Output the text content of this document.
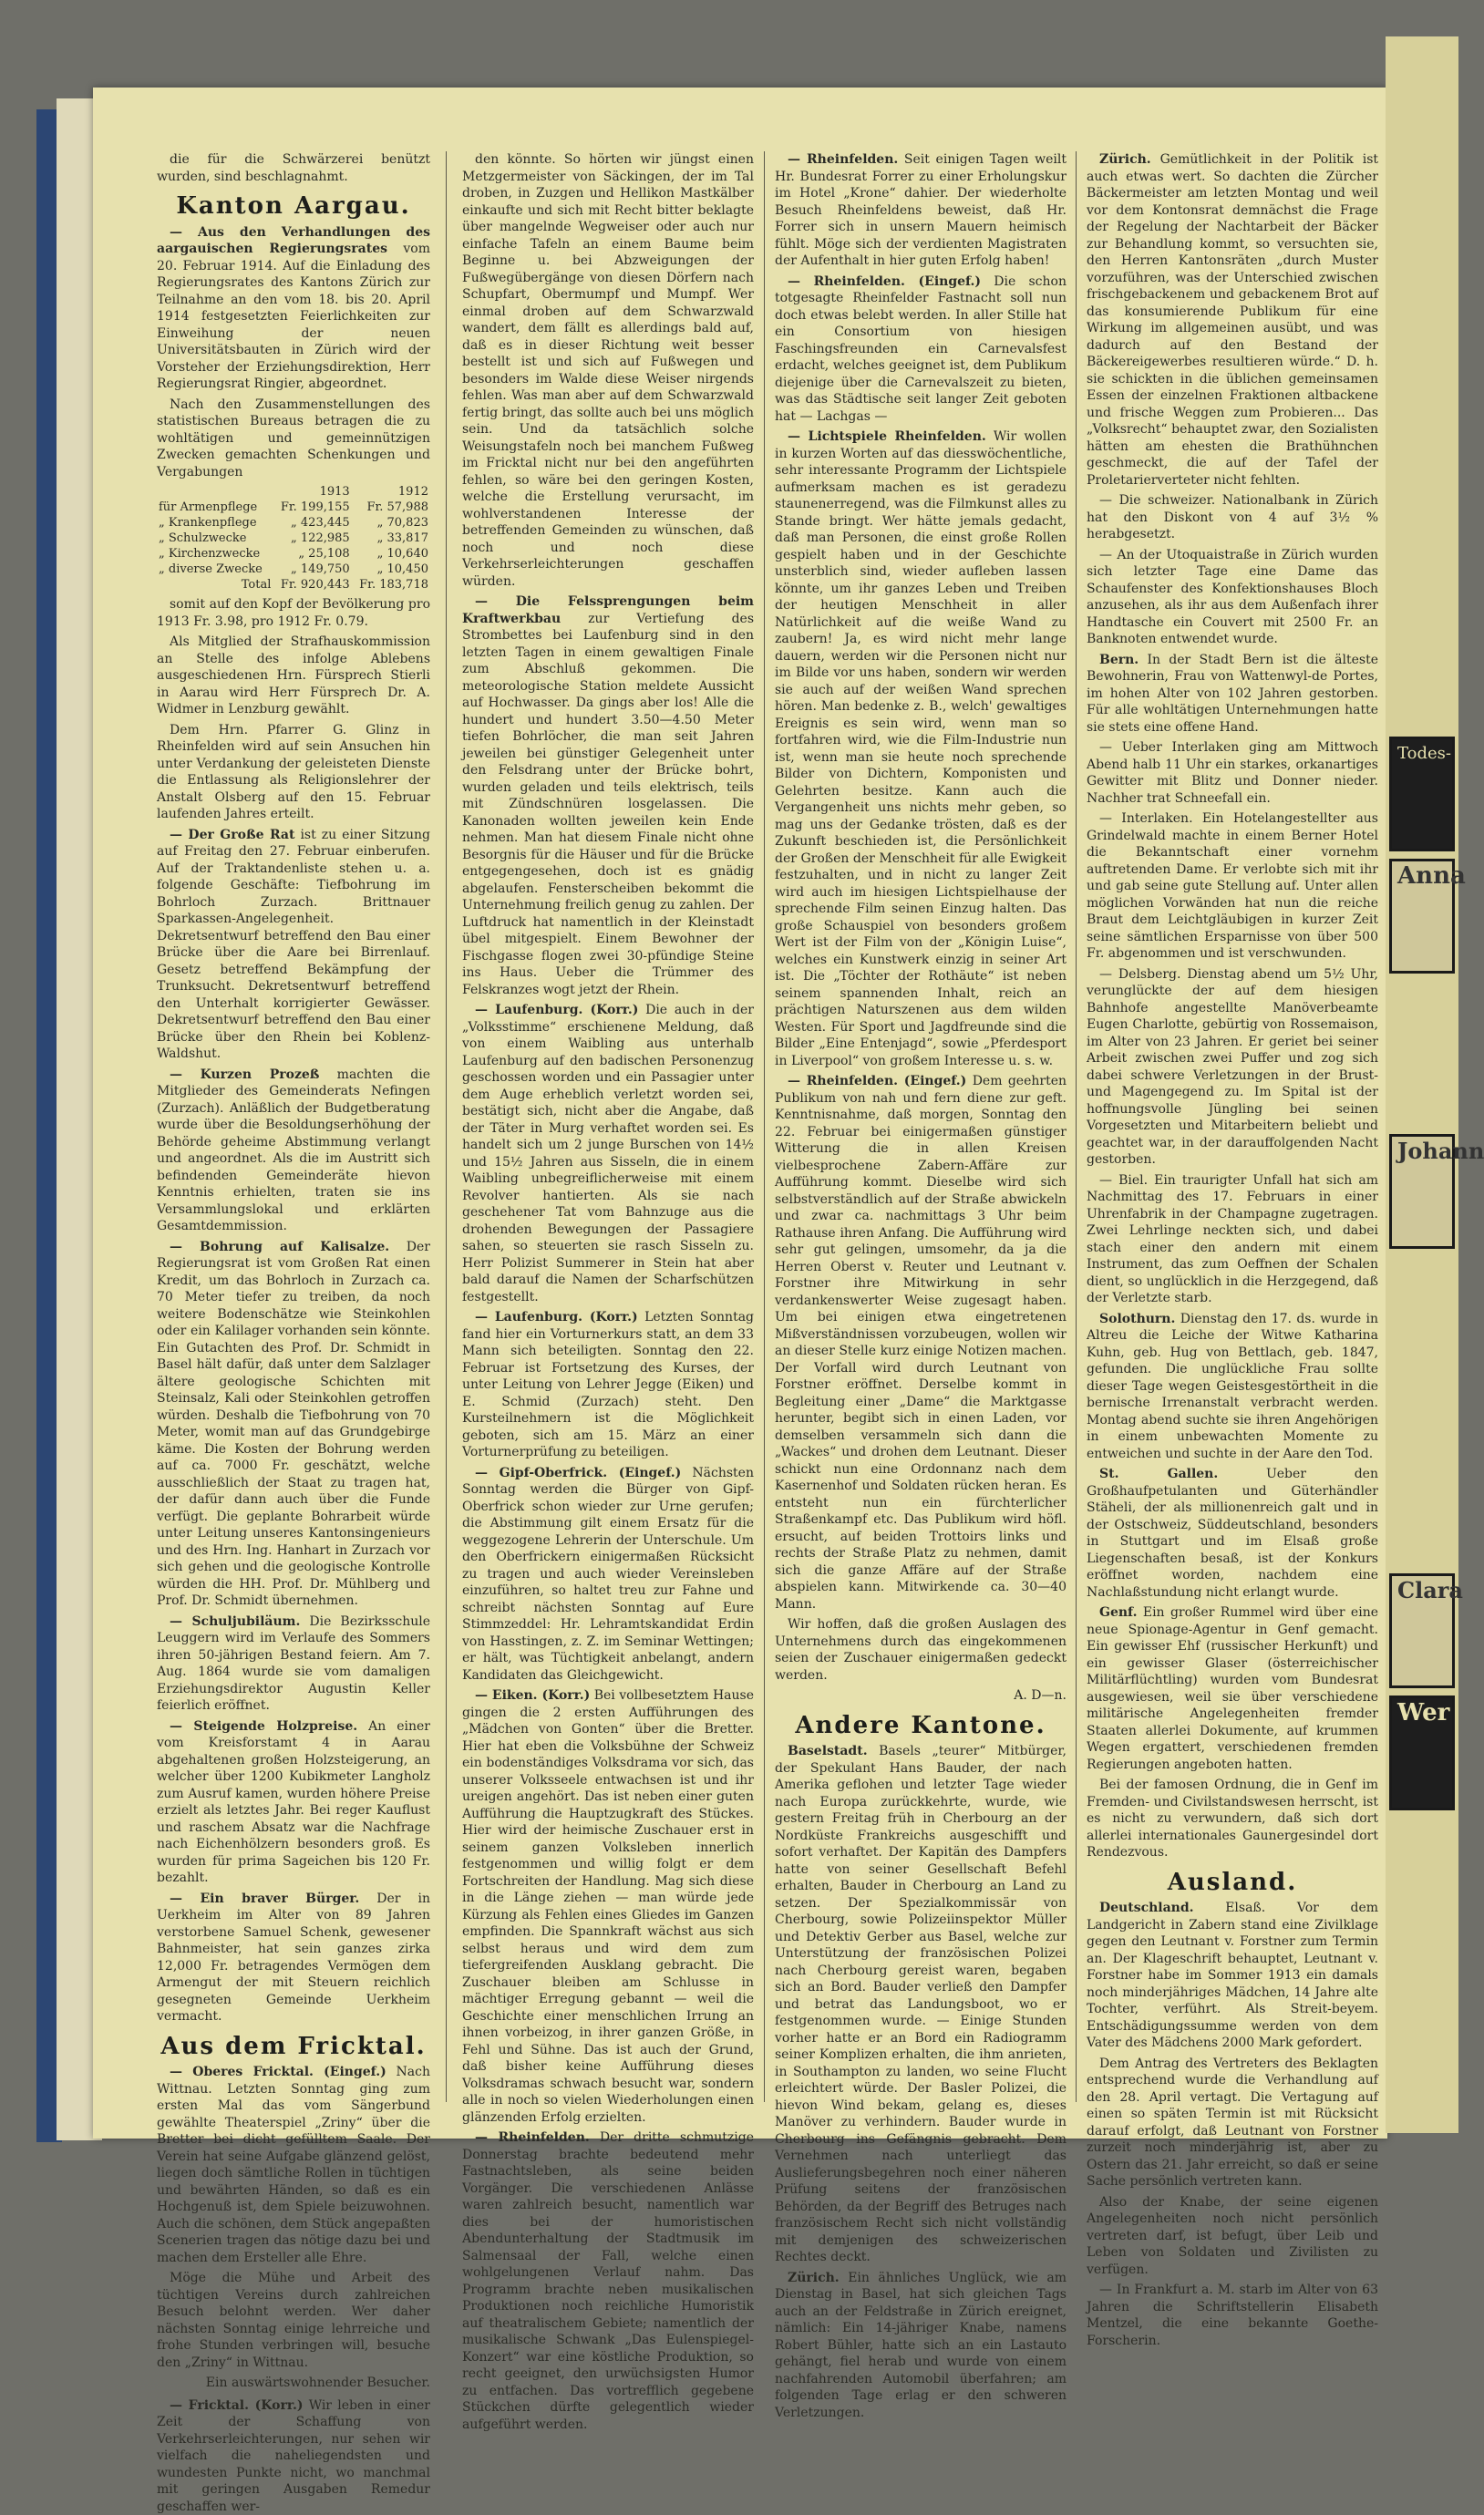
die für die Schwärzerei benützt wurden, sind beschlagnahmt.

Kanton Aargau.

— Aus den Verhandlungen des aargauischen Regierungsrates vom 20. Februar 1914. Auf die Einladung des Regierungsrates des Kantons Zürich zur Teilnahme an den vom 18. bis 20. April 1914 festgesetzten Feierlichkeiten zur Einweihung der neuen Universitätsbauten in Zürich wird der Vorsteher der Erziehungsdirektion, Herr Regierungsrat Ringier, abgeordnet.

Nach den Zusammenstellungen des statistischen Bureaus betragen die zu wohltätigen und gemeinnützigen Zwecken gemachten Schenkungen und Vergabungen

	1913	1912
für Armenpflege	Fr. 199,155	Fr. 57,988
„ Krankenpflege	„ 423,445	„ 70,823
„ Schulzwecke	„ 122,985	„ 33,817
„ Kirchenzwecke	„ 25,108	„ 10,640
„ diverse Zwecke	„ 149,750	„ 10,450
Total	Fr. 920,443	Fr. 183,718

somit auf den Kopf der Bevölkerung pro 1913 Fr. 3.98, pro 1912 Fr. 0.79.

Als Mitglied der Strafhauskommission an Stelle des infolge Ablebens ausgeschiedenen Hrn. Fürsprech Stierli in Aarau wird Herr Fürsprech Dr. A. Widmer in Lenzburg gewählt.

Dem Hrn. Pfarrer G. Glinz in Rheinfelden wird auf sein Ansuchen hin unter Verdankung der geleisteten Dienste die Entlassung als Religionslehrer der Anstalt Olsberg auf den 15. Februar laufenden Jahres erteilt.

— Der Große Rat ist zu einer Sitzung auf Freitag den 27. Februar einberufen. Auf der Traktandenliste stehen u. a. folgende Geschäfte: Tiefbohrung im Bohrloch Zurzach. Brittnauer Sparkassen-Angelegenheit. Dekretsentwurf betreffend den Bau einer Brücke über die Aare bei Birrenlauf. Gesetz betreffend Bekämpfung der Trunksucht. Dekretsentwurf betreffend den Unterhalt korrigierter Gewässer. Dekretsentwurf betreffend den Bau einer Brücke über den Rhein bei Koblenz-Waldshut.

— Kurzen Prozeß machten die Mitglieder des Gemeinderats Nefingen (Zurzach). Anläßlich der Budgetberatung wurde über die Besoldungserhöhung der Behörde geheime Abstimmung verlangt und angeordnet. Als die im Austritt sich befindenden Gemeinderäte hievon Kenntnis erhielten, traten sie ins Versammlungslokal und erklärten Gesamtdemmission.

— Bohrung auf Kalisalze. Der Regierungsrat ist vom Großen Rat einen Kredit, um das Bohrloch in Zurzach ca. 70 Meter tiefer zu treiben, da noch weitere Bodenschätze wie Steinkohlen oder ein Kalilager vorhanden sein könnte. Ein Gutachten des Prof. Dr. Schmidt in Basel hält dafür, daß unter dem Salzlager ältere geologische Schichten mit Steinsalz, Kali oder Steinkohlen getroffen würden. Deshalb die Tiefbohrung von 70 Meter, womit man auf das Grundgebirge käme. Die Kosten der Bohrung werden auf ca. 7000 Fr. geschätzt, welche ausschließlich der Staat zu tragen hat, der dafür dann auch über die Funde verfügt. Die geplante Bohrarbeit würde unter Leitung unseres Kantonsingenieurs und des Hrn. Ing. Hanhart in Zurzach vor sich gehen und die geologische Kontrolle würden die HH. Prof. Dr. Mühlberg und Prof. Dr. Schmidt übernehmen.

— Schuljubiläum. Die Bezirksschule Leuggern wird im Verlaufe des Sommers ihren 50-jährigen Bestand feiern. Am 7. Aug. 1864 wurde sie vom damaligen Erziehungsdirektor Augustin Keller feierlich eröffnet.

— Steigende Holzpreise. An einer vom Kreisforstamt 4 in Aarau abgehaltenen großen Holzsteigerung, an welcher über 1200 Kubikmeter Langholz zum Ausruf kamen, wurden höhere Preise erzielt als letztes Jahr. Bei reger Kauflust und raschem Absatz war die Nachfrage nach Eichenhölzern besonders groß. Es wurden für prima Sageichen bis 120 Fr. bezahlt.

— Ein braver Bürger. Der in Uerkheim im Alter von 89 Jahren verstorbene Samuel Schenk, gewesener Bahnmeister, hat sein ganzes zirka 12,000 Fr. betragendes Vermögen dem Armengut der mit Steuern reichlich gesegneten Gemeinde Uerkheim vermacht.

Aus dem Fricktal.

— Oberes Fricktal. (Eingef.) Nach Wittnau. Letzten Sonntag ging zum ersten Mal das vom Sängerbund gewählte Theaterspiel „Zriny“ über die Bretter bei dicht gefülltem Saale. Der Verein hat seine Aufgabe glänzend gelöst, liegen doch sämtliche Rollen in tüchtigen und bewährten Händen, so daß es ein Hochgenuß ist, dem Spiele beizuwohnen. Auch die schönen, dem Stück angepaßten Scenerien tragen das nötige dazu bei und machen dem Ersteller alle Ehre.

Möge die Mühe und Arbeit des tüchtigen Vereins durch zahlreichen Besuch belohnt werden. Wer daher nächsten Sonntag einige lehrreiche und frohe Stunden verbringen will, besuche den „Zriny“ in Wittnau.

Ein auswärtswohnender Besucher.

— Fricktal. (Korr.) Wir leben in einer Zeit der Schaffung von Verkehrserleichterungen, nur sehen wir vielfach die naheliegendsten und wundesten Punkte nicht, wo manchmal mit geringen Ausgaben Remedur geschaffen wer-

den könnte. So hörten wir jüngst einen Metzgermeister von Säckingen, der im Tal droben, in Zuzgen und Hellikon Mastkälber einkaufte und sich mit Recht bitter beklagte über mangelnde Wegweiser oder auch nur einfache Tafeln an einem Baume beim Beginne u. bei Abzweigungen der Fußwegübergänge von diesen Dörfern nach Schupfart, Obermumpf und Mumpf. Wer einmal droben auf dem Schwarzwald wandert, dem fällt es allerdings bald auf, daß es in dieser Richtung weit besser bestellt ist und sich auf Fußwegen und besonders im Walde diese Weiser nirgends fehlen. Was man aber auf dem Schwarzwald fertig bringt, das sollte auch bei uns möglich sein. Und da tatsächlich solche Weisungstafeln noch bei manchem Fußweg im Fricktal nicht nur bei den angeführten fehlen, so wäre bei den geringen Kosten, welche die Erstellung verursacht, im wohlverstandenen Interesse der betreffenden Gemeinden zu wünschen, daß noch und noch diese Verkehrserleichterungen geschaffen würden.

— Die Felssprengungen beim Kraftwerkbau zur Vertiefung des Strombettes bei Laufenburg sind in den letzten Tagen in einem gewaltigen Finale zum Abschluß gekommen. Die meteorologische Station meldete Aussicht auf Hochwasser. Da gings aber los! Alle die hundert und hundert 3.50—4.50 Meter tiefen Bohrlöcher, die man seit Jahren jeweilen bei günstiger Gelegenheit unter den Felsdrang unter der Brücke bohrt, wurden geladen und teils elektrisch, teils mit Zündschnüren losgelassen. Die Kanonaden wollten jeweilen kein Ende nehmen. Man hat diesem Finale nicht ohne Besorgnis für die Häuser und für die Brücke entgegengesehen, doch ist es gnädig abgelaufen. Fensterscheiben bekommt die Unternehmung freilich genug zu zahlen. Der Luftdruck hat namentlich in der Kleinstadt übel mitgespielt. Einem Bewohner der Fischgasse flogen zwei 30-pfündige Steine ins Haus. Ueber die Trümmer des Felskranzes wogt jetzt der Rhein.

— Laufenburg. (Korr.) Die auch in der „Volksstimme“ erschienene Meldung, daß von einem Waibling aus unterhalb Laufenburg auf den badischen Personenzug geschossen worden und ein Passagier unter dem Auge erheblich verletzt worden sei, bestätigt sich, nicht aber die Angabe, daß der Täter in Murg verhaftet worden sei. Es handelt sich um 2 junge Burschen von 14½ und 15½ Jahren aus Sisseln, die in einem Waibling unbegreiflicherweise mit einem Revolver hantierten. Als sie nach geschehener Tat vom Bahnzuge aus die drohenden Bewegungen der Passagiere sahen, so steuerten sie rasch Sisseln zu. Herr Polizist Summerer in Stein hat aber bald darauf die Namen der Scharfschützen festgestellt.

— Laufenburg. (Korr.) Letzten Sonntag fand hier ein Vorturnerkurs statt, an dem 33 Mann sich beteiligten. Sonntag den 22. Februar ist Fortsetzung des Kurses, der unter Leitung von Lehrer Jegge (Eiken) und E. Schmid (Zurzach) steht. Den Kursteilnehmern ist die Möglichkeit geboten, sich am 15. März an einer Vorturnerprüfung zu beteiligen.

— Gipf-Oberfrick. (Eingef.) Nächsten Sonntag werden die Bürger von Gipf-Oberfrick schon wieder zur Urne gerufen; die Abstimmung gilt einem Ersatz für die weggezogene Lehrerin der Unterschule. Um den Oberfrickern einigermaßen Rücksicht zu tragen und auch wieder Vereinsleben einzuführen, so haltet treu zur Fahne und schreibt nächsten Sonntag auf Eure Stimmzeddel: Hr. Lehramtskandidat Erdin von Hasstingen, z. Z. im Seminar Wettingen; er hält, was Tüchtigkeit anbelangt, andern Kandidaten das Gleichgewicht.

— Eiken. (Korr.) Bei vollbesetztem Hause gingen die 2 ersten Aufführungen des „Mädchen von Gonten“ über die Bretter. Hier hat eben die Volksbühne der Schweiz ein bodenständiges Volksdrama vor sich, das unserer Volksseele entwachsen ist und ihr ureigen angehört. Das ist neben einer guten Aufführung die Hauptzugkraft des Stückes. Hier wird der heimische Zuschauer erst in seinem ganzen Volksleben innerlich festgenommen und willig folgt er dem Fortschreiten der Handlung. Mag sich diese in die Länge ziehen — man würde jede Kürzung als Fehlen eines Gliedes im Ganzen empfinden. Die Spannkraft wächst aus sich selbst heraus und wird dem zum tiefergreifenden Ausklang gebracht. Die Zuschauer bleiben am Schlusse in mächtiger Erregung gebannt — weil die Geschichte einer menschlichen Irrung an ihnen vorbeizog, in ihrer ganzen Größe, in Fehl und Sühne. Das ist auch der Grund, daß bisher keine Aufführung dieses Volksdramas schwach besucht war, sondern alle in noch so vielen Wiederholungen einen glänzenden Erfolg erzielten.

— Rheinfelden. Der dritte schmutzige Donnerstag brachte bedeutend mehr Fastnachtsleben, als seine beiden Vorgänger. Die verschiedenen Anlässe waren zahlreich besucht, namentlich war dies bei der humoristischen Abendunterhaltung der Stadtmusik im Salmensaal der Fall, welche einen wohlgelungenen Verlauf nahm. Das Programm brachte neben musikalischen Produktionen noch reichliche Humoristik auf theatralischem Gebiete; namentlich der musikalische Schwank „Das Eulenspiegel-Konzert“ war eine köstliche Produktion, so recht geeignet, den urwüchsigsten Humor zu entfachen. Das vortrefflich gegebene Stückchen dürfte gelegentlich wieder aufgeführt werden.

— Rheinfelden. Seit einigen Tagen weilt Hr. Bundesrat Forrer zu einer Erholungskur im Hotel „Krone“ dahier. Der wiederholte Besuch Rheinfeldens beweist, daß Hr. Forrer sich in unsern Mauern heimisch fühlt. Möge sich der verdienten Magistraten der Aufenthalt in hier guten Erfolg haben!

— Rheinfelden. (Eingef.) Die schon totgesagte Rheinfelder Fastnacht soll nun doch etwas belebt werden. In aller Stille hat ein Consortium von hiesigen Faschingsfreunden ein Carnevalsfest erdacht, welches geeignet ist, dem Publikum diejenige über die Carnevalszeit zu bieten, was das Städtische seit langer Zeit geboten hat — Lachgas —

— Lichtspiele Rheinfelden. Wir wollen in kurzen Worten auf das diesswöchentliche, sehr interessante Programm der Lichtspiele aufmerksam machen es ist geradezu staunenerregend, was die Filmkunst alles zu Stande bringt. Wer hätte jemals gedacht, daß man Personen, die einst große Rollen gespielt haben und in der Geschichte unsterblich sind, wieder aufleben lassen könnte, um ihr ganzes Leben und Treiben der heutigen Menschheit in aller Natürlichkeit auf die weiße Wand zu zaubern! Ja, es wird nicht mehr lange dauern, werden wir die Personen nicht nur im Bilde vor uns haben, sondern wir werden sie auch auf der weißen Wand sprechen hören. Man bedenke z. B., welch' gewaltiges Ereignis es sein wird, wenn man so fortfahren wird, wie die Film-Industrie nun ist, wenn man sie heute noch sprechende Bilder von Dichtern, Komponisten und Gelehrten besitze. Kann auch die Vergangenheit uns nichts mehr geben, so mag uns der Gedanke trösten, daß es der Zukunft beschieden ist, die Persönlichkeit der Großen der Menschheit für alle Ewigkeit festzuhalten, und in nicht zu langer Zeit wird auch im hiesigen Lichtspielhause der sprechende Film seinen Einzug halten. Das große Schauspiel von besonders großem Wert ist der Film von der „Königin Luise“, welches ein Kunstwerk einzig in seiner Art ist. Die „Töchter der Rothäute“ ist neben seinem spannenden Inhalt, reich an prächtigen Naturszenen aus dem wilden Westen. Für Sport und Jagdfreunde sind die Bilder „Eine Entenjagd“, sowie „Pferdesport in Liverpool“ von großem Interesse u. s. w.

— Rheinfelden. (Eingef.) Dem geehrten Publikum von nah und fern diene zur geft. Kenntnisnahme, daß morgen, Sonntag den 22. Februar bei einigermaßen günstiger Witterung die in allen Kreisen vielbesprochene Zabern-Affäre zur Aufführung kommt. Dieselbe wird sich selbstverständlich auf der Straße abwickeln und zwar ca. nachmittags 3 Uhr beim Rathause ihren Anfang. Die Aufführung wird sehr gut gelingen, umsomehr, da ja die Herren Oberst v. Reuter und Leutnant v. Forstner ihre Mitwirkung in sehr verdankenswerter Weise zugesagt haben. Um bei einigen etwa eingetretenen Mißverständnissen vorzubeugen, wollen wir an dieser Stelle kurz einige Notizen machen. Der Vorfall wird durch Leutnant von Forstner eröffnet. Derselbe kommt in Begleitung einer „Dame“ die Marktgasse herunter, begibt sich in einen Laden, vor demselben versammeln sich dann die „Wackes“ und drohen dem Leutnant. Dieser schickt nun eine Ordonnanz nach dem Kasernenhof und Soldaten rücken heran. Es entsteht nun ein fürchterlicher Straßenkampf etc. Das Publikum wird höfl. ersucht, auf beiden Trottoirs links und rechts der Straße Platz zu nehmen, damit sich die ganze Affäre auf der Straße abspielen kann. Mitwirkende ca. 30—40 Mann.

Wir hoffen, daß die großen Auslagen des Unternehmens durch das eingekommenen seien der Zuschauer einigermaßen gedeckt werden.

A. D—n.

Andere Kantone.

Baselstadt. Basels „teurer“ Mitbürger, der Spekulant Hans Bauder, der nach Amerika geflohen und letzter Tage wieder nach Europa zurückkehrte, wurde, wie gestern Freitag früh in Cherbourg an der Nordküste Frankreichs ausgeschifft und sofort verhaftet. Der Kapitän des Dampfers hatte von seiner Gesellschaft Befehl erhalten, Bauder in Cherbourg an Land zu setzen. Der Spezialkommissär von Cherbourg, sowie Polizeiinspektor Müller und Detektiv Gerber aus Basel, welche zur Unterstützung der französischen Polizei nach Cherbourg gereist waren, begaben sich an Bord. Bauder verließ den Dampfer und betrat das Landungsboot, wo er festgenommen wurde. — Einige Stunden vorher hatte er an Bord ein Radiogramm seiner Komplizen erhalten, die ihm anrieten, in Southampton zu landen, wo seine Flucht erleichtert würde. Der Basler Polizei, die hievon Wind bekam, gelang es, dieses Manöver zu verhindern. Bauder wurde in Cherbourg ins Gefängnis gebracht. Dem Vernehmen nach unterliegt das Auslieferungsbegehren noch einer näheren Prüfung seitens der französischen Behörden, da der Begriff des Betruges nach französischem Recht sich nicht vollständig mit demjenigen des schweizerischen Rechtes deckt.

Zürich. Ein ähnliches Unglück, wie am Dienstag in Basel, hat sich gleichen Tags auch an der Feldstraße in Zürich ereignet, nämlich: Ein 14-jähriger Knabe, namens Robert Bühler, hatte sich an ein Lastauto gehängt, fiel herab und wurde von einem nachfahrenden Automobil überfahren; am folgenden Tage erlag er den schweren Verletzungen.

Zürich. Gemütlichkeit in der Politik ist auch etwas wert. So dachten die Zürcher Bäckermeister am letzten Montag und weil vor dem Kontonsrat demnächst die Frage der Regelung der Nachtarbeit der Bäcker zur Behandlung kommt, so versuchten sie, den Herren Kantonsräten „durch Muster vorzuführen, was der Unterschied zwischen frischgebackenem und gebackenem Brot auf das konsumierende Publikum für eine Wirkung im allgemeinen ausübt, und was dadurch auf den Bestand der Bäckereigewerbes resultieren würde.“ D. h. sie schickten in die üblichen gemeinsamen Essen der einzelnen Fraktionen altbackene und frische Weggen zum Probieren... Das „Volksrecht“ behauptet zwar, den Sozialisten hätten am ehesten die Brathühnchen geschmeckt, die auf der Tafel der Proletarierverteter nicht fehlten.

— Die schweizer. Nationalbank in Zürich hat den Diskont von 4 auf 3½ % herabgesetzt.

— An der Utoquaistraße in Zürich wurden sich letzter Tage eine Dame das Schaufenster des Konfektionshauses Bloch anzusehen, als ihr aus dem Außenfach ihrer Handtasche ein Couvert mit 2500 Fr. an Banknoten entwendet wurde.

Bern. In der Stadt Bern ist die älteste Bewohnerin, Frau von Wattenwyl-de Portes, im hohen Alter von 102 Jahren gestorben. Für alle wohltätigen Unternehmungen hatte sie stets eine offene Hand.

— Ueber Interlaken ging am Mittwoch Abend halb 11 Uhr ein starkes, orkanartiges Gewitter mit Blitz und Donner nieder. Nachher trat Schneefall ein.

— Interlaken. Ein Hotelangestellter aus Grindelwald machte in einem Berner Hotel die Bekanntschaft einer vornehm auftretenden Dame. Er verlobte sich mit ihr und gab seine gute Stellung auf. Unter allen möglichen Vorwänden hat nun die reiche Braut dem Leichtgläubigen in kurzer Zeit seine sämtlichen Ersparnisse von über 500 Fr. abgenommen und ist verschwunden.

— Delsberg. Dienstag abend um 5½ Uhr, verunglückte der auf dem hiesigen Bahnhofe angestellte Manöverbeamte Eugen Charlotte, gebürtig von Rossemaison, im Alter von 23 Jahren. Er geriet bei seiner Arbeit zwischen zwei Puffer und zog sich dabei schwere Verletzungen in der Brust- und Magengegend zu. Im Spital ist der hoffnungsvolle Jüngling bei seinen Vorgesetzten und Mitarbeitern beliebt und geachtet war, in der darauffolgenden Nacht gestorben.

— Biel. Ein traurigter Unfall hat sich am Nachmittag des 17. Februars in einer Uhrenfabrik in der Champagne zugetragen. Zwei Lehrlinge neckten sich, und dabei stach einer den andern mit einem Instrument, das zum Oeffnen der Schalen dient, so unglücklich in die Herzgegend, daß der Verletzte starb.

Solothurn. Dienstag den 17. ds. wurde in Altreu die Leiche der Witwe Katharina Kuhn, geb. Hug von Bettlach, geb. 1847, gefunden. Die unglückliche Frau sollte dieser Tage wegen Geistesgestörtheit in die bernische Irrenanstalt verbracht werden. Montag abend suchte sie ihren Angehörigen in einem unbewachten Momente zu entweichen und suchte in der Aare den Tod.

St. Gallen.	Ueber den Großhaufpetulanten und Güterhändler Stäheli, der als millionenreich galt und in der Ostschweiz, Süddeutschland, besonders in Stuttgart und im Elsaß große Liegenschaften besaß, ist der Konkurs eröffnet worden, nachdem eine Nachlaßstundung nicht erlangt wurde.

Genf. Ein großer Rummel wird über eine neue Spionage-Agentur in Genf gemacht. Ein gewisser Ehf (russischer Herkunft) und ein gewisser Glaser (österreichischer Militärflüchtling) wurden vom Bundesrat ausgewiesen, weil sie über verschiedene militärische Angelegenheiten fremder Staaten allerlei Dokumente, auf krummen Wegen ergattert, verschiedenen fremden Regierungen angeboten hatten.

Bei der famosen Ordnung, die in Genf im Fremden- und Civilstandswesen herrscht, ist es nicht zu verwundern, daß sich dort allerlei internationales Gaunergesindel dort Rendezvous.

Ausland.

Deutschland. Elsaß. Vor dem Landgericht in Zabern stand eine Zivilklage gegen den Leutnant v. Forstner zum Termin an. Der Klageschrift behauptet, Leutnant v. Forstner habe im Sommer 1913 ein damals noch minderjähriges Mädchen, 14 Jahre alte Tochter, verführt. Als Streit-beyem. Entschädigungssumme werden von dem Vater des Mädchens 2000 Mark gefordert.

Dem Antrag des Vertreters des Beklagten entsprechend wurde die Verhandlung auf den 28. April vertagt. Die Vertagung auf einen so späten Termin ist mit Rücksicht darauf erfolgt, daß Leutnant von Forstner zurzeit noch minderjährig ist, aber zu Ostern das 21. Jahr erreicht, so daß er seine Sache persönlich vertreten kann.

Also der Knabe, der seine eigenen Angelegenheiten noch nicht persönlich vertreten darf, ist befugt, über Leib und Leben von Soldaten und Zivilisten zu verfügen.

— In Frankfurt a. M. starb im Alter von 63 Jahren die Schriftstellerin Elisabeth Mentzel, die eine bekannte Goethe-Forscherin.

Todes-
Anna
Johann
Clara
Wer
